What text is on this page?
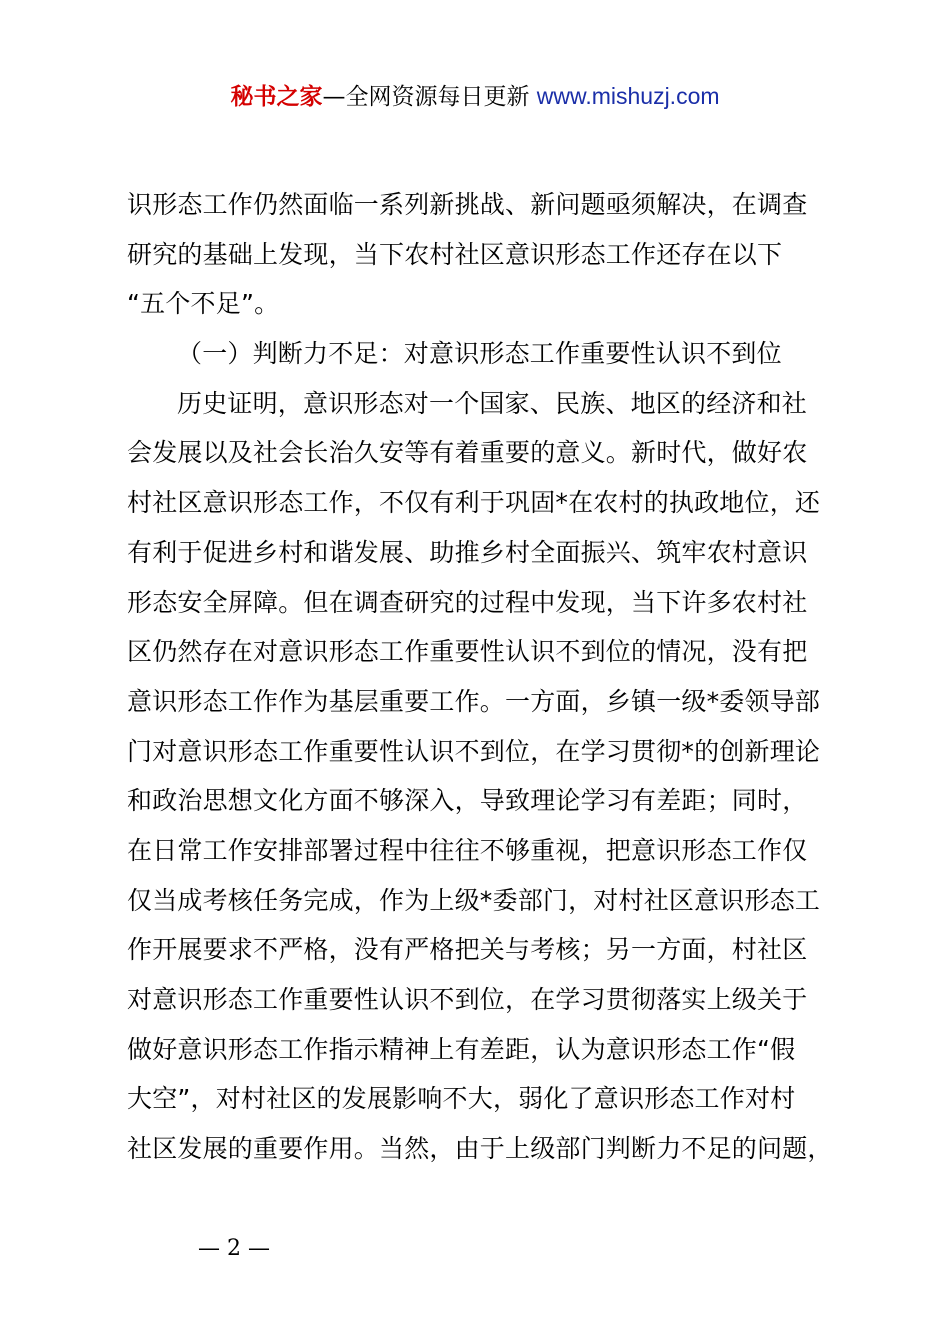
秘书之家—全网资源每日更新 www.mishuzj.com
识形态工作仍然面临一系列新挑战、新问题亟须解决，在调查
研究的基础上发现，当下农村社区意识形态工作还存在以下
“五个不足”。
（一）判断力不足：对意识形态工作重要性认识不到位
历史证明，意识形态对一个国家、民族、地区的经济和社
会发展以及社会长治久安等有着重要的意义。新时代，做好农
村社区意识形态工作，不仅有利于巩固*在农村的执政地位，还
有利于促进乡村和谐发展、助推乡村全面振兴、筑牢农村意识
形态安全屏障。但在调查研究的过程中发现，当下许多农村社
区仍然存在对意识形态工作重要性认识不到位的情况，没有把
意识形态工作作为基层重要工作。一方面，乡镇一级*委领导部
门对意识形态工作重要性认识不到位，在学习贯彻*的创新理论
和政治思想文化方面不够深入，导致理论学习有差距；同时，
在日常工作安排部署过程中往往不够重视，把意识形态工作仅
仅当成考核任务完成，作为上级*委部门，对村社区意识形态工
作开展要求不严格，没有严格把关与考核；另一方面，村社区
对意识形态工作重要性认识不到位，在学习贯彻落实上级关于
做好意识形态工作指示精神上有差距，认为意识形态工作“假
大空”，对村社区的发展影响不大，弱化了意识形态工作对村
社区发展的重要作用。当然，由于上级部门判断力不足的问题，
— 2 —
